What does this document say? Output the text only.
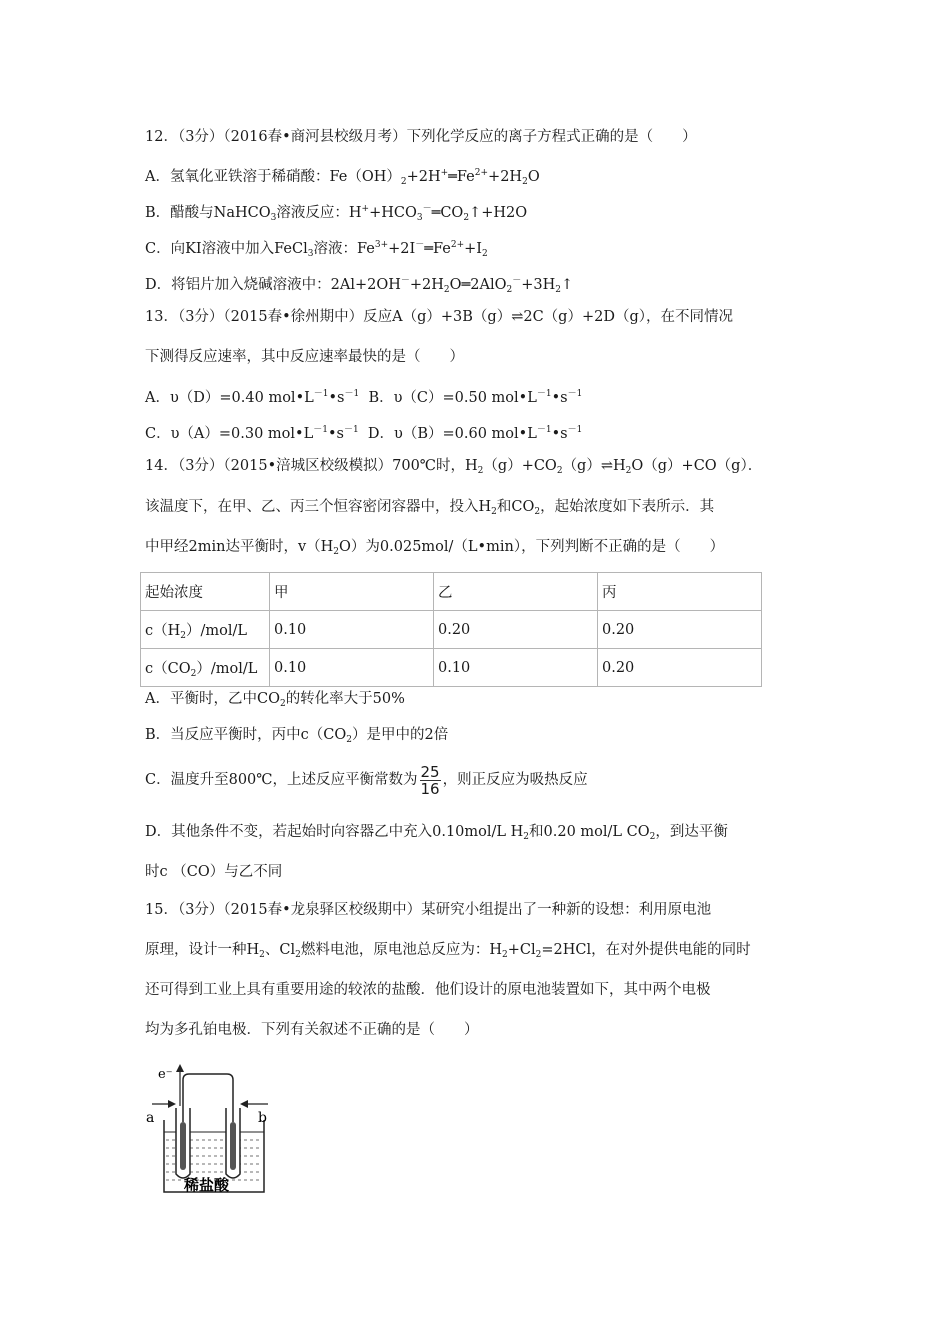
12．（3分）（2016春•商河县校级月考）下列化学反应的离子方程式正确的是（　　）
A．氢氧化亚铁溶于稀硝酸：$Fe(OH)_2+2H^+═Fe^{2+}+2H_2O$
B．醋酸与NaHCO$_3$溶液反应：$H^++HCO_3^-═CO_2↑+H2O$
C．向KI溶液中加入FeCl$_3$溶液：$Fe^{3+}+2I^-═Fe^{2+}+I_2$
D．将铝片加入烧碱溶液中：$2Al+2OH^-+2H_2O═2AlO_2^-+3H_2↑$
13．（3分）（2015春•徐州期中）反应A（g）+3B（g）⇌2C（g）+2D（g），在不同情况
下测得反应速率，其中反应速率最快的是（　　）
A．υ（D）=0.40 $mol•L^{-1}•s^{-1}$ B．υ（C）=0.50 $mol•L^{-1}•s^{-1}$
C．υ（A）=0.30 $mol•L^{-1}•s^{-1}$ D．υ（B）=0.60 $mol•L^{-1}•s^{-1}$
14．（3分）（2015•涪城区校级模拟）700℃时，$H_2(g)+CO_2(g)\rightleftharpoons H_2O(g)+CO(g)$．
该温度下，在甲、乙、丙三个恒容密闭容器中，投入$H_2$和$CO_2$，起始浓度如下表所示．其
中甲经2min达平衡时，$v(H_2O)$为0.025mol/（L•min），下列判断不正确的是（　　）
起始浓度	甲	乙	丙
$c(H_2)/mol/L$	0.10	0.20	0.20
$c(CO_2)/mol/L$	0.10	0.10	0.20
A．平衡时，乙中$CO_2$的转化率大于50%
B．当反应平衡时，丙中$c(CO_2)$是甲中的2倍
C．温度升至800℃，上述反应平衡常数为 $\frac{25}{16}$ ，则正反应为吸热反应
D．其他条件不变，若起始时向容器乙中充入0.10mol/L $H_2$和0.20 mol/L $CO_2$，到达平衡
时c （CO）与乙不同
15．（3分）（2015春•龙泉驿区校级期中）某研究小组提出了一种新的设想：利用原电池
原理，设计一种$H_2$、$Cl_2$燃料电池，原电池总反应为：$H_2+Cl_2=2HCl$，在对外提供电能的同时
还可得到工业上具有重要用途的较浓的盐酸．他们设计的原电池装置如下，其中两个电极
均为多孔铂电极．下列有关叙述不正确的是（　　）
e⁻
a	b
稀盐酸
